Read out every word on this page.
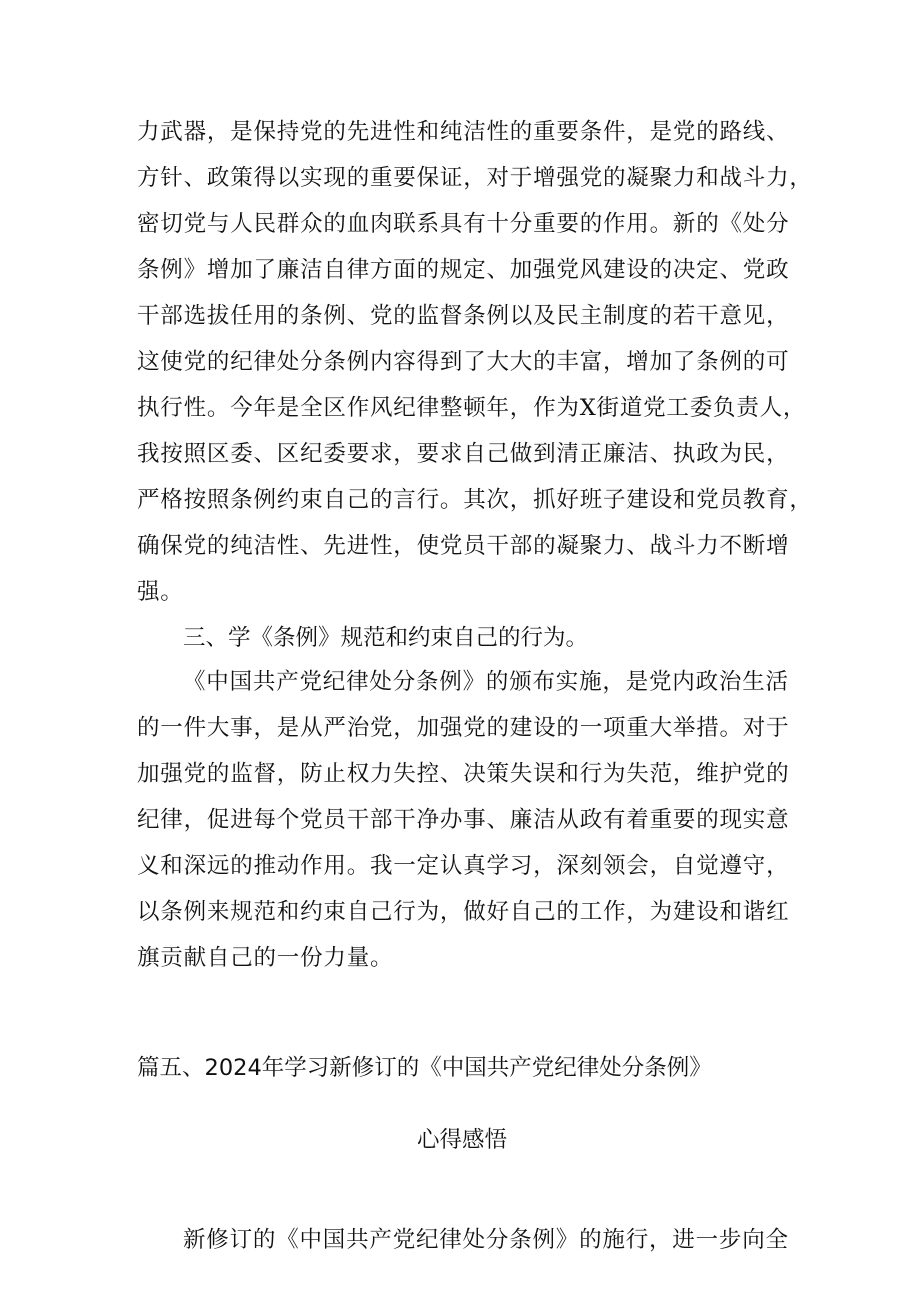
力武器，是保持党的先进性和纯洁性的重要条件，是党的路线、
方针、政策得以实现的重要保证，对于增强党的凝聚力和战斗力，
密切党与人民群众的血肉联系具有十分重要的作用。新的《处分
条例》增加了廉洁自律方面的规定、加强党风建设的决定、党政
干部选拔任用的条例、党的监督条例以及民主制度的若干意见，
这使党的纪律处分条例内容得到了大大的丰富，增加了条例的可
执行性。今年是全区作风纪律整顿年，作为X街道党工委负责人，
我按照区委、区纪委要求，要求自己做到清正廉洁、执政为民，
严格按照条例约束自己的言行。其次，抓好班子建设和党员教育，
确保党的纯洁性、先进性，使党员干部的凝聚力、战斗力不断增
强。
三、学《条例》规范和约束自己的行为。
《中国共产党纪律处分条例》的颁布实施，是党内政治生活
的一件大事，是从严治党，加强党的建设的一项重大举措。对于
加强党的监督，防止权力失控、决策失误和行为失范，维护党的
纪律，促进每个党员干部干净办事、廉洁从政有着重要的现实意
义和深远的推动作用。我一定认真学习，深刻领会，自觉遵守，
以条例来规范和约束自己行为，做好自己的工作，为建设和谐红
旗贡献自己的一份力量。
篇五、2024年学习新修订的《中国共产党纪律处分条例》
心得感悟
新修订的《中国共产党纪律处分条例》的施行，进一步向全
